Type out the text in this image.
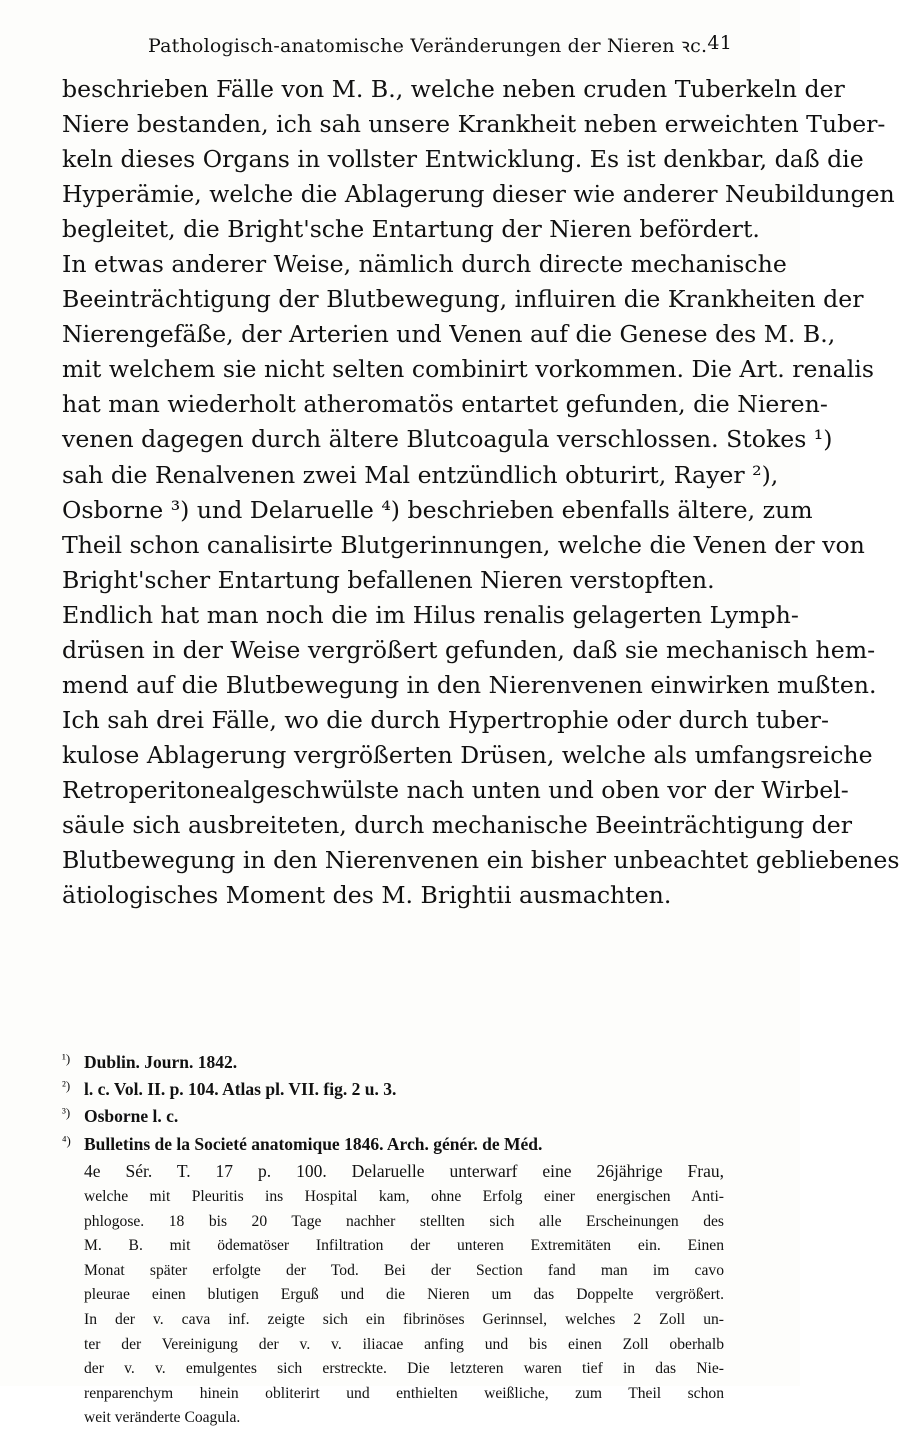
Pathologisch-anatomische Veränderungen der Nieren ꝛc. 41
beschrieben Fälle von M. B., welche neben cruden Tuberkeln der
Niere bestanden, ich sah unsere Krankheit neben erweichten Tuber-
keln dieses Organs in vollster Entwicklung. Es ist denkbar, daß die
Hyperämie, welche die Ablagerung dieser wie anderer Neubildungen
begleitet, die Bright'sche Entartung der Nieren befördert.
In etwas anderer Weise, nämlich durch directe mechanische
Beeinträchtigung der Blutbewegung, influiren die Krankheiten der
Nierengefäße, der Arterien und Venen auf die Genese des M. B.,
mit welchem sie nicht selten combinirt vorkommen. Die Art. renalis
hat man wiederholt atheromatös entartet gefunden, die Nieren-
venen dagegen durch ältere Blutcoagula verschlossen. Stokes ¹)
sah die Renalvenen zwei Mal entzündlich obturirt, Rayer ²),
Osborne ³) und Delaruelle ⁴) beschrieben ebenfalls ältere, zum
Theil schon canalisirte Blutgerinnungen, welche die Venen der von
Bright'scher Entartung befallenen Nieren verstopften.
Endlich hat man noch die im Hilus renalis gelagerten Lymph-
drüsen in der Weise vergrößert gefunden, daß sie mechanisch hem-
mend auf die Blutbewegung in den Nierenvenen einwirken mußten.
Ich sah drei Fälle, wo die durch Hypertrophie oder durch tuber-
kulose Ablagerung vergrößerten Drüsen, welche als umfangsreiche
Retroperitonealgeschwülste nach unten und oben vor der Wirbel-
säule sich ausbreiteten, durch mechanische Beeinträchtigung der
Blutbewegung in den Nierenvenen ein bisher unbeachtet gebliebenes
ätiologisches Moment des M. Brightii ausmachten.
¹) Dublin. Journ. 1842.
²) l. c. Vol. II. p. 104. Atlas pl. VII. fig. 2 u. 3.
³) Osborne l. c.
⁴) Bulletins de la Societé anatomique 1846. Arch. génér. de Méd.
4e Sér. T. 17 p. 100. Delaruelle unterwarf eine 26jährige Frau,
welche mit Pleuritis ins Hospital kam, ohne Erfolg einer energischen Anti-
phlogose. 18 bis 20 Tage nachher stellten sich alle Erscheinungen des
M. B. mit ödematöser Infiltration der unteren Extremitäten ein. Einen
Monat später erfolgte der Tod. Bei der Section fand man im cavo
pleurae einen blutigen Erguß und die Nieren um das Doppelte vergrößert.
In der v. cava inf. zeigte sich ein fibrinöses Gerinnsel, welches 2 Zoll un-
ter der Vereinigung der v. v. iliacae anfing und bis einen Zoll oberhalb
der v. v. emulgentes sich erstreckte. Die letzteren waren tief in das Nie-
renparenchym hinein obliterirt und enthielten weißliche, zum Theil schon
weit veränderte Coagula.
